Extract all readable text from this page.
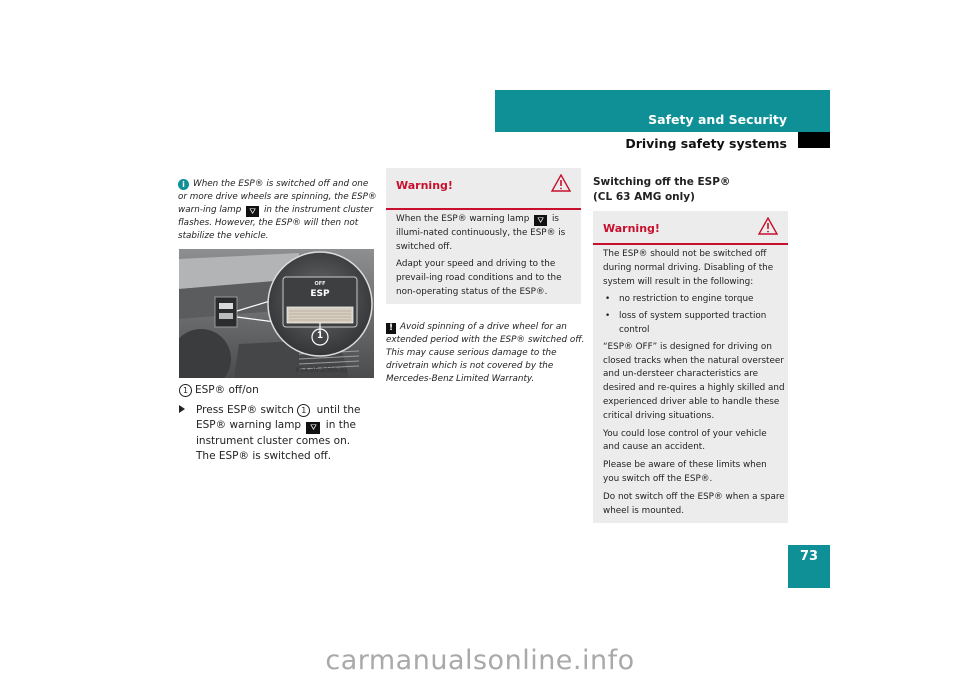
Safety and Security
Driving safety systems
i When the ESP® is switched off and one or more drive wheels are spinning, the ESP® warn-ing lamp ⛛ in the instrument cluster flashes. However, the ESP® will then not stabilize the vehicle.
OFF
ESP
1
P54.25-2005-31
1 ESP® off/on
Press ESP® switch 1 until the ESP® warning lamp ⛛ in the instrument cluster comes on.
The ESP® is switched off.
Warning!

When the ESP® warning lamp ⛛ is illumi-nated continuously, the ESP® is switched off.

Adapt your speed and driving to the prevail-ing road conditions and to the non-operating status of the ESP®.

! Avoid spinning of a drive wheel for an extended period with the ESP® switched off. This may cause serious damage to the drivetrain which is not covered by the Mercedes-Benz Limited Warranty.
Switching off the ESP®
(CL 63 AMG only)
Warning!

The ESP® should not be switched off during normal driving. Disabling of the system will result in the following:

• no restriction to engine torque
• loss of system supported traction control

“ESP® OFF” is designed for driving on closed tracks when the natural oversteer and un-dersteer characteristics are desired and re-quires a highly skilled and experienced driver able to handle these critical driving situations.

You could lose control of your vehicle and cause an accident.

Please be aware of these limits when you switch off the ESP®.

Do not switch off the ESP® when a spare wheel is mounted.

73
carmanualsonline.info
